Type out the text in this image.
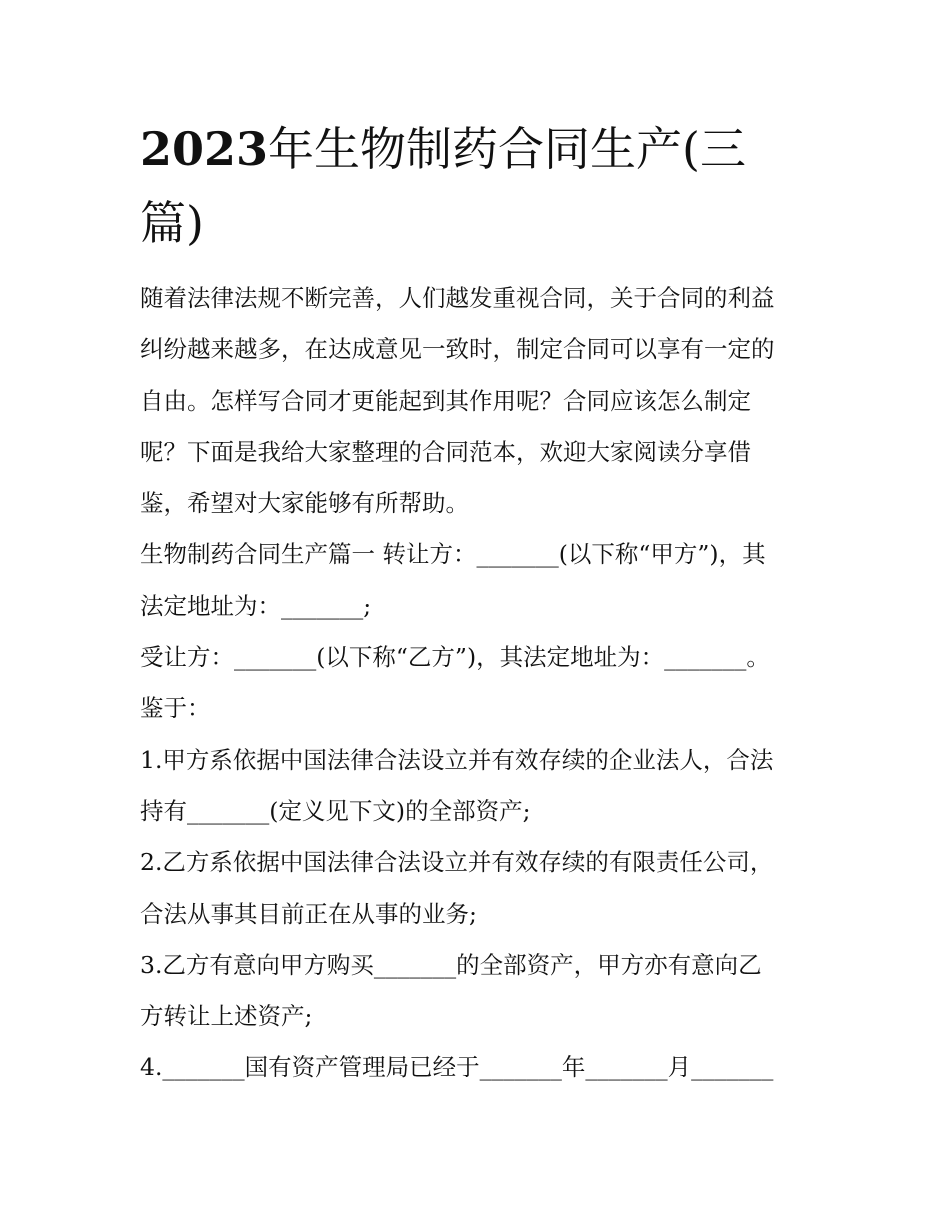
2023年生物制药合同生产(三
篇)
随着法律法规不断完善，人们越发重视合同，关于合同的利益
纠纷越来越多，在达成意见一致时，制定合同可以享有一定的
自由。怎样写合同才更能起到其作用呢？合同应该怎么制定
呢？下面是我给大家整理的合同范本，欢迎大家阅读分享借
鉴，希望对大家能够有所帮助。
生物制药合同生产篇一 转让方：_______(以下称“甲方”)，其
法定地址为：_______;
受让方：_______(以下称“乙方”)，其法定地址为：_______。
鉴于：
1.甲方系依据中国法律合法设立并有效存续的企业法人，合法
持有_______(定义见下文)的全部资产;
2.乙方系依据中国法律合法设立并有效存续的有限责任公司，
合法从事其目前正在从事的业务;
3.乙方有意向甲方购买_______的全部资产，甲方亦有意向乙
方转让上述资产;
4._______国有资产管理局已经于_______年_______月_______
